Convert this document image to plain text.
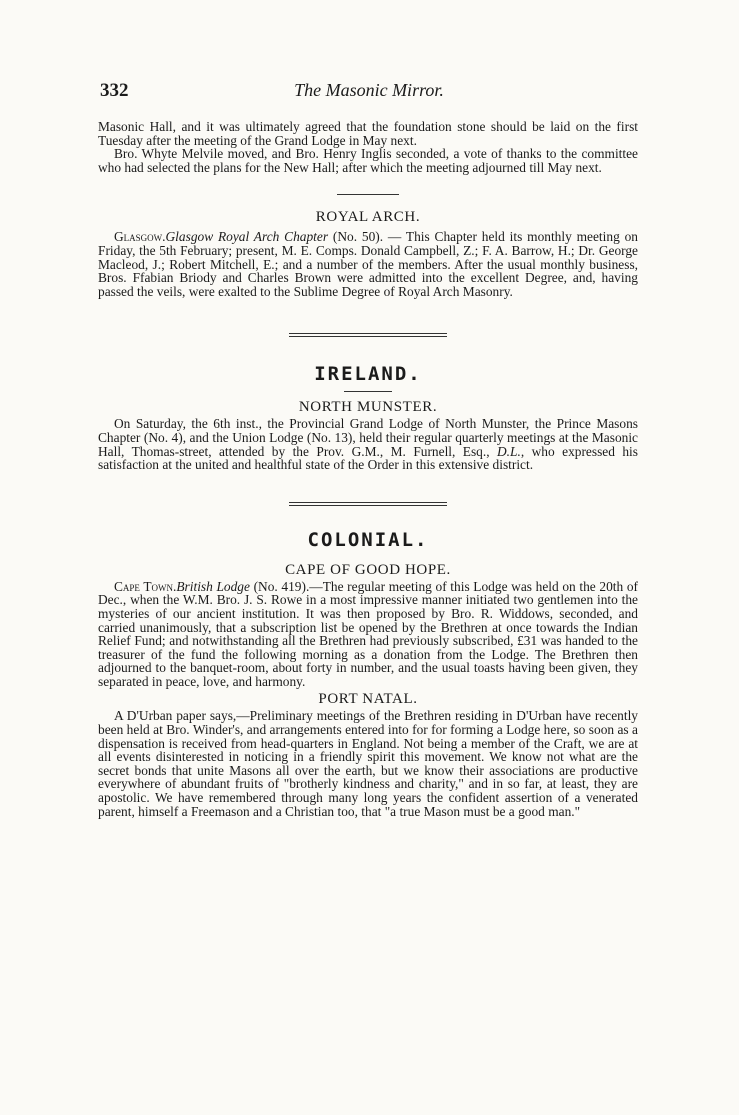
332	The Masonic Mirror.

Masonic Hall, and it was ultimately agreed that the foundation stone should be laid on the first Tuesday after the meeting of the Grand Lodge in May next.

Bro. Whyte Melvile moved, and Bro. Henry Inglis seconded, a vote of thanks to the committee who had selected the plans for the New Hall; after which the meeting adjourned till May next.

ROYAL ARCH.

Glasgow.Glasgow Royal Arch Chapter (No. 50). — This Chapter held its monthly meeting on Friday, the 5th February; present, M. E. Comps. Donald Campbell, Z.; F. A. Barrow, H.; Dr. George Macleod, J.; Robert Mitchell, E.; and a number of the members. After the usual monthly business, Bros. Ffabian Briody and Charles Brown were admitted into the excellent Degree, and, having passed the veils, were exalted to the Sublime Degree of Royal Arch Masonry.

IRELAND.
NORTH MUNSTER.

On Saturday, the 6th inst., the Provincial Grand Lodge of North Munster, the Prince Masons Chapter (No. 4), and the Union Lodge (No. 13), held their regular quarterly meetings at the Masonic Hall, Thomas-street, attended by the Prov. G.M., M. Furnell, Esq., D.L., who expressed his satisfaction at the united and healthful state of the Order in this extensive district.

COLONIAL.
CAPE OF GOOD HOPE.

Cape Town.British Lodge (No. 419).—The regular meeting of this Lodge was held on the 20th of Dec., when the W.M. Bro. J. S. Rowe in a most impressive manner initiated two gentlemen into the mysteries of our ancient institution. It was then proposed by Bro. R. Widdows, seconded, and carried unanimously, that a subscription list be opened by the Brethren at once towards the Indian Relief Fund; and notwithstanding all the Brethren had previously subscribed, £31 was handed to the treasurer of the fund the following morning as a donation from the Lodge. The Brethren then adjourned to the banquet-room, about forty in number, and the usual toasts having been given, they separated in peace, love, and harmony.

PORT NATAL.

A D'Urban paper says,—Preliminary meetings of the Brethren residing in D'Urban have recently been held at Bro. Winder's, and arrangements entered into for for forming a Lodge here, so soon as a dispensation is received from head-quarters in England. Not being a member of the Craft, we are at all events disinterested in noticing in a friendly spirit this movement. We know not what are the secret bonds that unite Masons all over the earth, but we know their associations are productive everywhere of abundant fruits of "brotherly kindness and charity," and in so far, at least, they are apostolic. We have remembered through many long years the confident assertion of a venerated parent, himself a Freemason and a Christian too, that "a true Mason must be a good man."
